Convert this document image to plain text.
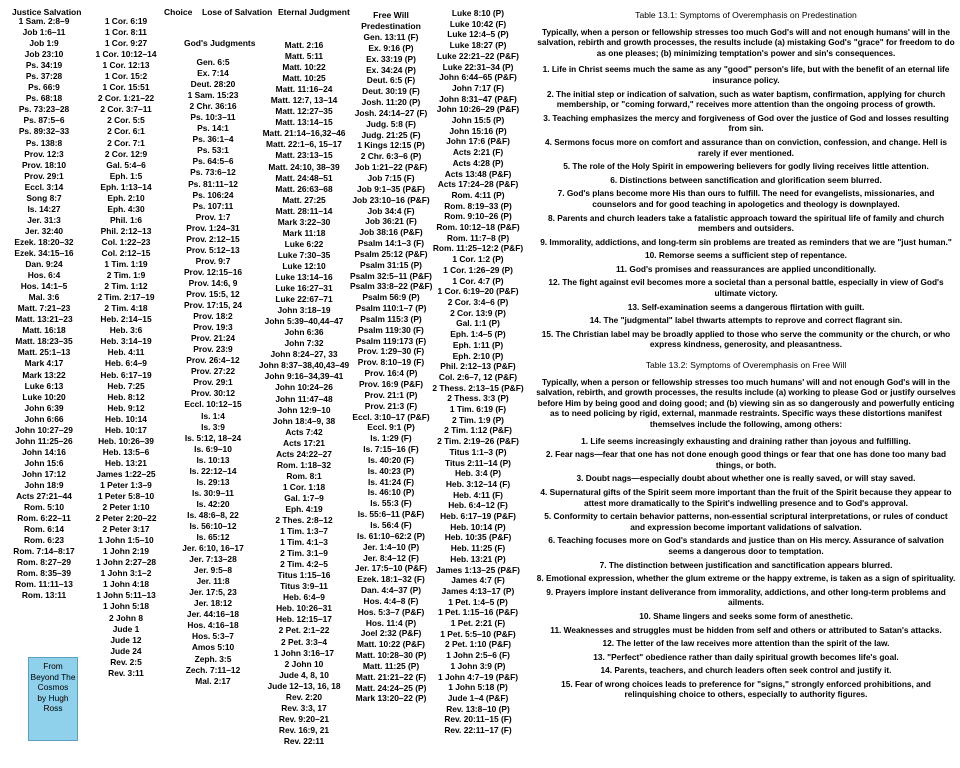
Justice Salvation	Choice Lose of Salvation Eternal Judgment
1 Sam. 2:8–9
Job 1:6–11
Job 1:9
Job 23:10
Ps. 34:19
Ps. 37:28
Ps. 66:9
Ps. 68:18
Ps. 73:23–28
Ps. 87:5–6
Ps. 89:32–33
Ps. 138:8
Prov. 12:3
Prov. 18:10
Prov. 29:1
Eccl. 3:14
Song 8:7
Is. 14:27
Jer. 31:3
Jer. 32:40
Ezek. 18:20–32
Ezek. 34:15–16
Dan. 9:24
Hos. 6:4
Hos. 14:1–5
Mal. 3:6
Matt. 7:21–23
Matt. 13:21–23
Matt. 16:18
Matt. 18:23–35
Matt. 25:1–13
Mark 4:17
Mark 13:22
Luke 6:13
Luke 10:20
John 6:39
John 6:66
John 10:27–29
John 11:25–26
John 14:16
John 15:6
John 17:12
John 18:9
Acts 27:21–44
Rom. 5:10
Rom. 6:22–11
Rom. 6:14
Rom. 6:23
Rom. 7:14–8:17
Rom. 8:27–29
Rom. 8:35–39
Rom. 11:11–13
Rom. 13:11
1 Cor. 6:19
1 Cor. 8:11
1 Cor. 9:27
1 Cor. 10:12–14
1 Cor. 12:13
1 Cor. 15:2
1 Cor. 15:51
2 Cor. 1:21–22
2 Cor. 3:7–11
2 Cor. 5:5
2 Cor. 6:1
2 Cor. 7:1
2 Cor. 12:9
Gal. 5:4–6
Eph. 1:5
Eph. 1:13–14
Eph. 2:10
Eph. 4:30
Phil. 1:6
Phil. 2:12–13
Col. 1:22–23
Col. 2:12–15
1 Tim. 1:19
2 Tim. 1:9
2 Tim. 1:12
2 Tim. 2:17–19
2 Tim. 4:18
Heb. 2:14–15
Heb. 3:6
Heb. 3:14–19
Heb. 4:11
Heb. 6:4–9
Heb. 6:17–19
Heb. 7:25
Heb. 8:12
Heb. 9:12
Heb. 10:14
Heb. 10:17
Heb. 10:26–39
Heb. 13:5–6
Heb. 13:21
James 1:22–25
1 Peter 1:3–9
1 Peter 5:8–10
2 Peter 1:10
2 Peter 2:20–22
2 Peter 3:17
1 John 1:5–10
1 John 2:19
1 John 2:27–28
1 John 3:1–2
1 John 4:18
1 John 5:11–13
1 John 5:18
2 John 8
Jude 1
Jude 12
Jude 24
Rev. 2:5
Rev. 3:11
God's Judgments
Gen. 6:5
Ex. 7:14
Deut. 28:20
1 Sam. 15:23
2 Chr. 36:16
Ps. 10:3–11
Ps. 14:1
Ps. 36:1–4
Ps. 53:1
Ps. 64:5–6
Ps. 73:6–12
Ps. 81:11–12
Ps. 106:24
Ps. 107:11
Prov. 1:7
Prov. 1:24–31
Prov. 2:12–15
Prov. 5:12–13
Prov. 9:7
Prov. 12:15–16
Prov. 14:6, 9
Prov. 15:5, 12
Prov. 17:15, 24
Prov. 18:2
Prov. 19:3
Prov. 21:24
Prov. 23:9
Prov. 26:4–12
Prov. 27:22
Prov. 29:1
Prov. 30:12
Eccl. 10:12–15
Is. 1:4
Is. 3:9
Is. 5:12, 18–24
Is. 6:9–10
Is. 10:13
Is. 22:12–14
Is. 29:13
Is. 30:9–11
Is. 42:20
Is. 48:6–8, 22
Is. 56:10–12
Is. 65:12
Jer. 6:10, 16–17
Jer. 7:13–28
Jer. 9:5–8
Jer. 11:8
Jer. 17:5, 23
Jer. 18:12
Jer. 44:16–18
Hos. 4:16–18
Hos. 5:3–7
Amos 5:10
Zeph. 3:5
Zech. 7:11–12
Mal. 2:17
Matt. 2:16
Matt. 5:11
Matt. 10:22
Matt. 10:25
Matt. 11:16–24
Matt. 12:7, 13–14
Matt. 12:27–35
Matt. 13:14–15
Matt. 21:14–16,32–46
Matt. 22:1–6, 15–17
Matt. 23:13–15
Matt. 24:10, 38–39
Matt. 24:48–51
Matt. 26:63–68
Matt. 27:25
Matt. 28:11–14
Mark 3:22–30
Mark 11:18
Luke 6:22
Luke 7:30–35
Luke 12:10
Luke 13:14–16
Luke 16:27–31
Luke 22:67–71
John 3:18–19
John 5:39–40,44–47
John 6:36
John 7:32
John 8:24–27, 33
John 8:37–38,40,43–49
John 9:16–34,39–41
John 10:24–26
John 11:47–48
John 12:9–10
John 18:4–9, 38
Acts 7:42
Acts 17:21
Acts 24:22–27
Rom. 1:18–32
Rom. 8:1
1 Cor. 1:18
Gal. 1:7–9
Eph. 4:19
2 Thes. 2:8–12
1 Tim. 1:3–7
1 Tim. 4:1–3
2 Tim. 3:1–9
2 Tim. 4:2–5
Titus 1:15–16
Titus 3:9–11
Heb. 6:4–9
Heb. 10:26–31
Heb. 12:15–17
2 Pet. 2:1–22
2 Pet. 3:3–4
1 John 3:16–17
2 John 10
Jude 4, 8, 10
Jude 12–13, 16, 18
Rev. 2:20
Rev. 3:3, 17
Rev. 9:20–21
Rev. 16:9, 21
Rev. 22:11
Free Will
Predestination
Gen. 13:11 (F)
Ex. 9:16 (P)
Ex. 33:19 (P)
Ex. 34:24 (P)
Deut. 6:5 (F)
Deut. 30:19 (F)
Josh. 11:20 (P)
Josh. 24:14–27 (F)
Judg. 5:8 (F)
Judg. 21:25 (F)
1 Kings 12:15 (P)
2 Chr. 6:3–6 (P)
Job 1:21–22 (P&F)
Job 7:15 (F)
Job 9:1–35 (P&F)
Job 23:10–16 (P&F)
Job 34:4 (F)
Job 36:21 (F)
Job 38:16 (P&F)
Psalm 14:1–3 (F)
Psalm 25:12 (P&F)
Psalm 31:15 (P)
Psalm 32:5–11 (P&F)
Psalm 33:8–22 (P&F)
Psalm 56:9 (P)
Psalm 110:1–7 (P)
Psalm 115:3 (P)
Psalm 119:30 (F)
Psalm 119:173 (F)
Prov. 1:29–30 (F)
Prov. 8:10–19 (F)
Prov. 16:4 (P)
Prov. 16:9 (P&F)
Prov. 21:1 (P)
Prov. 21:3 (F)
Eccl. 3:10–17 (P&F)
Eccl. 9:1 (P)
Is. 1:29 (F)
Is. 7:15–16 (F)
Is. 40:20 (F)
Is. 40:23 (P)
Is. 41:24 (F)
Is. 46:10 (P)
Is. 55:3 (F)
Is. 55:6–11 (P&F)
Is. 56:4 (F)
Is. 61:10–62:2 (P)
Jer. 1:4–10 (P)
Jer. 8:4–12 (F)
Jer. 17:5–10 (P&F)
Ezek. 18:1–32 (F)
Dan. 4:4–37 (P)
Hos. 4:4–8 (F)
Hos. 5:3–7 (P&F)
Hos. 11:4 (P)
Joel 2:32 (P&F)
Matt. 10:22 (P&F)
Matt. 10:28–30 (P)
Matt. 11:25 (P)
Matt. 21:21–22 (F)
Matt. 24:24–25 (P)
Mark 13:20–22 (P)
Luke 8:10 (P)
Luke 10:42 (F)
Luke 12:4–5 (P)
Luke 18:27 (P)
Luke 22:21–22 (P&F)
Luke 22:31–34 (P)
John 6:44–65 (P&F)
John 7:17 (F)
John 8:31–47 (P&F)
John 10:26–29 (P&F)
John 15:5 (P)
John 15:16 (P)
John 17:6 (P&F)
Acts 2:21 (F)
Acts 4:28 (P)
Acts 13:48 (P&F)
Acts 17:24–28 (P&F)
Rom. 4:11 (P)
Rom. 8:19–33 (P)
Rom. 9:10–26 (P)
Rom. 10:12–18 (P&F)
Rom. 11:7–8 (P)
Rom. 11:25–12:2 (P&F)
1 Cor. 1:2 (P)
1 Cor. 1:26–29 (P)
1 Cor. 4:7 (P)
1 Cor. 6:19–20 (P&F)
2 Cor. 3:4–6 (P)
2 Cor. 13:9 (P)
Gal. 1:1 (P)
Eph. 1:4–5 (P)
Eph. 1:11 (P)
Eph. 2:10 (P)
Phil. 2:12–13 (P&F)
Col. 2:6–7, 12 (P&F)
2 Thess. 2:13–15 (P&F)
2 Thess. 3:3 (P)
1 Tim. 6:19 (F)
2 Tim. 1:9 (P)
2 Tim. 1:12 (P&F)
2 Tim. 2:19–26 (P&F)
Titus 1:1–3 (P)
Titus 2:11–14 (P)
Heb. 3:4 (P)
Heb. 3:12–14 (F)
Heb. 4:11 (F)
Heb. 6:4–12 (F)
Heb. 6:17–19 (P&F)
Heb. 10:14 (P)
Heb. 10:35 (P&F)
Heb. 11:25 (F)
Heb. 13:21 (P)
James 1:13–25 (P&F)
James 4:7 (F)
James 4:13–17 (P)
1 Pet. 1:4–5 (P)
1 Pet. 1:15–16 (P&F)
1 Pet. 2:21 (F)
1 Pet. 5:5–10 (P&F)
2 Pet. 1:10 (P&F)
1 John 2:5–6 (F)
1 John 3:9 (P)
1 John 4:7–19 (P&F)
1 John 5:18 (P)
Jude 1–4 (P&F)
Rev. 13:8–10 (P)
Rev. 20:11–15 (F)
Rev. 22:11–17 (F)
From
Beyond The
Cosmos
by Hugh
Ross
Table 13.1: Symptoms of Overemphasis on Predestination
Typically, when a person or fellowship stresses too much God's will and not enough humans' will in the salvation, rebirth and growth processes, the results include (a) mistaking God's "grace" for freedom to do as one pleases; (b) minimizing temptation's power and sin's consequences.
1. Life in Christ seems much the same as any "good" person's life, but with the benefit of an eternal life insurance policy.
2. The initial step or indication of salvation, such as water baptism, confirmation, applying for church membership, or "coming forward," receives more attention than the ongoing process of growth.
3. Teaching emphasizes the mercy and forgiveness of God over the justice of God and losses resulting from sin.
4. Sermons focus more on comfort and assurance than on conviction, confession, and change. Hell is rarely if ever mentioned.
5. The role of the Holy Spirit in empowering believers for godly living receives little attention.
6. Distinctions between sanctification and glorification seem blurred.
7. God's plans become more His than ours to fulfill. The need for evangelists, missionaries, and counselors and for good teaching in apologetics and theology is downplayed.
8. Parents and church leaders take a fatalistic approach toward the spiritual life of family and church members and outsiders.
9. Immorality, addictions, and long-term sin problems are treated as reminders that we are "just human."
10. Remorse seems a sufficient step of repentance.
11. God's promises and reassurances are applied unconditionally.
12. The fight against evil becomes more a societal than a personal battle, especially in view of God's ultimate victory.
13. Self-examination seems a dangerous flirtation with guilt.
14. The "judgmental" label thwarts attempts to reprove and correct flagrant sin.
15. The Christian label may be broadly applied to those who serve the community or the church, or who express kindness, generosity, and pleasantness.
Table 13.2: Symptoms of Overemphasis on Free Will
Typically, when a person or fellowship stresses too much humans' will and not enough God's will in the salvation, rebirth, and growth processes, the results include (a) working to please God or justify ourselves before Him by being good and doing good; and (b) viewing sin as so dangerously and powerfully enticing as to need policing by rigid, external, manmade restraints. Specific ways these distortions manifest themselves include the following, among others:
1. Life seems increasingly exhausting and draining rather than joyous and fulfilling.
2. Fear nags—fear that one has not done enough good things or fear that one has done too many bad things, or both.
3. Doubt nags—especially doubt about whether one is really saved, or will stay saved.
4. Supernatural gifts of the Spirit seem more important than the fruit of the Spirit because they appear to attest more dramatically to the Spirit's indwelling presence and to God's approval.
5. Conformity to certain behavior patterns, non-essential scriptural interpretations, or rules of conduct and expression become important validations of salvation.
6. Teaching focuses more on God's standards and justice than on His mercy. Assurance of salvation seems a dangerous door to temptation.
7. The distinction between justification and sanctification appears blurred.
8. Emotional expression, whether the glum extreme or the happy extreme, is taken as a sign of spirituality.
9. Prayers implore instant deliverance from immorality, addictions, and other long-term problems and ailments.
10. Shame lingers and seeks some form of anesthetic.
11. Weaknesses and struggles must be hidden from self and others or attributed to Satan's attacks.
12. The letter of the law receives more attention than the spirit of the law.
13. "Perfect" obedience rather than daily spiritual growth becomes life's goal.
14. Parents, teachers, and church leaders often seek control and justify it.
15. Fear of wrong choices leads to preference for "signs," strongly enforced prohibitions, and relinquishing choice to others, especially to authority figures.
